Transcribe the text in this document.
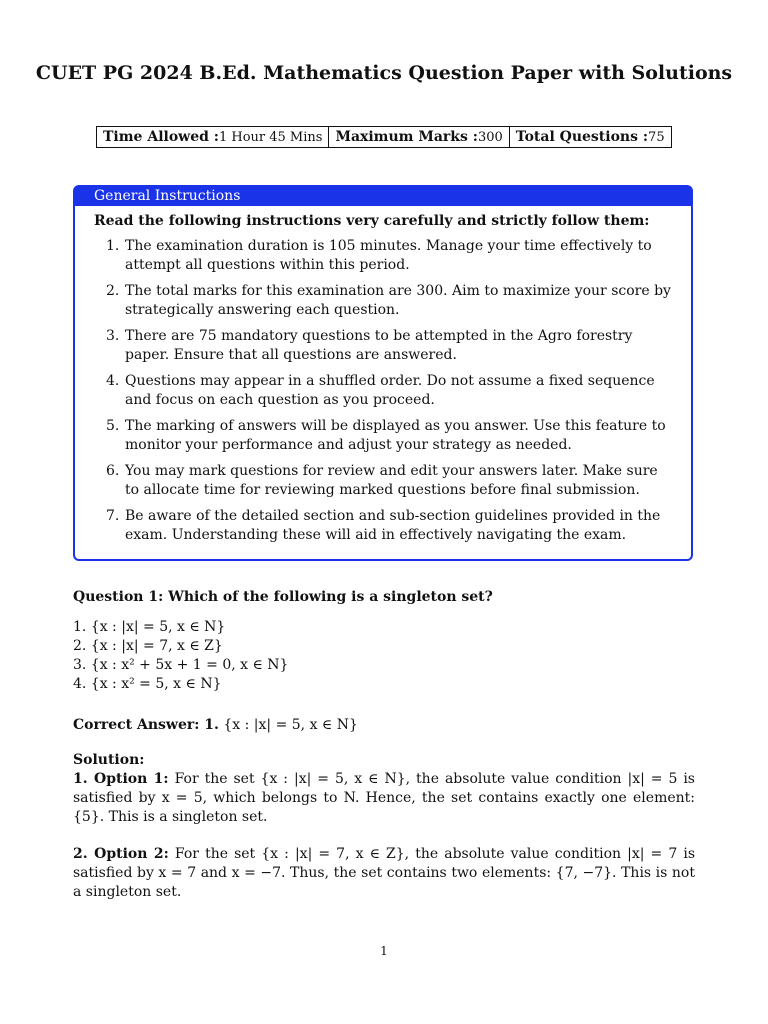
CUET PG 2024 B.Ed. Mathematics Question Paper with Solutions
Time Allowed :1 Hour 45 Mins	Maximum Marks :300	Total Questions :75
General Instructions
Read the following instructions very carefully and strictly follow them:
1. The examination duration is 105 minutes. Manage your time effectively to attempt all questions within this period.
2. The total marks for this examination are 300. Aim to maximize your score by strategically answering each question.
3. There are 75 mandatory questions to be attempted in the Agro forestry paper. Ensure that all questions are answered.
4. Questions may appear in a shuffled order. Do not assume a fixed sequence and focus on each question as you proceed.
5. The marking of answers will be displayed as you answer. Use this feature to monitor your performance and adjust your strategy as needed.
6. You may mark questions for review and edit your answers later. Make sure to allocate time for reviewing marked questions before final submission.
7. Be aware of the detailed section and sub-section guidelines provided in the exam. Understanding these will aid in effectively navigating the exam.
Question 1: Which of the following is a singleton set?
1. {x : |x| = 5, x ∈ N}
2. {x : |x| = 7, x ∈ Z}
3. {x : x² + 5x + 1 = 0, x ∈ N}
4. {x : x² = 5, x ∈ N}
Correct Answer: 1. {x : |x| = 5, x ∈ N}
Solution:

1. Option 1: For the set {x : |x| = 5, x ∈ N}, the absolute value condition |x| = 5 is satisfied by x = 5, which belongs to N. Hence, the set contains exactly one element: {5}. This is a singleton set.

2. Option 2: For the set {x : |x| = 7, x ∈ Z}, the absolute value condition |x| = 7 is satisfied by x = 7 and x = −7. Thus, the set contains two elements: {7, −7}. This is not a singleton set.

1
